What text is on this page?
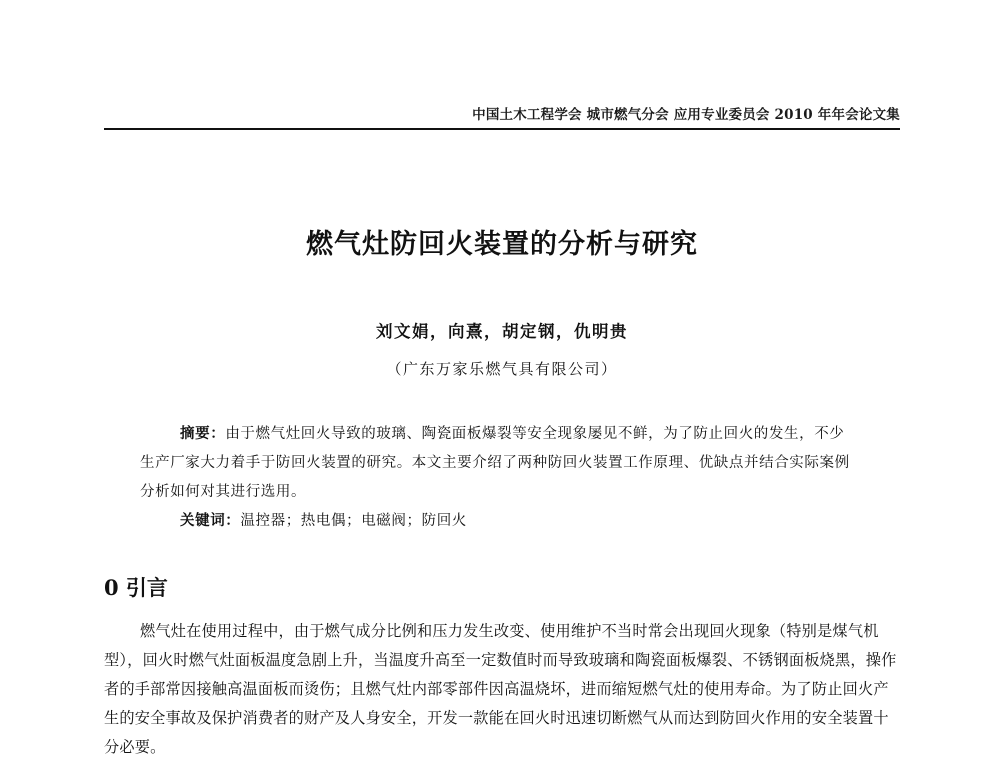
中国土木工程学会 城市燃气分会 应用专业委员会 2010 年年会论文集
燃气灶防回火装置的分析与研究
刘文娟，向熹，胡定钢，仇明贵
（广东万家乐燃气具有限公司）
摘要：由于燃气灶回火导致的玻璃、陶瓷面板爆裂等安全现象屡见不鲜，为了防止回火的发生，不少生产厂家大力着手于防回火装置的研究。本文主要介绍了两种防回火装置工作原理、优缺点并结合实际案例分析如何对其进行选用。
关键词：温控器；热电偶；电磁阀；防回火
0 引言
燃气灶在使用过程中，由于燃气成分比例和压力发生改变、使用维护不当时常会出现回火现象（特别是煤气机型），回火时燃气灶面板温度急剧上升，当温度升高至一定数值时而导致玻璃和陶瓷面板爆裂、不锈钢面板烧黑，操作者的手部常因接触高温面板而烫伤；且燃气灶内部零部件因高温烧坏，进而缩短燃气灶的使用寿命。为了防止回火产生的安全事故及保护消费者的财产及人身安全，开发一款能在回火时迅速切断燃气从而达到防回火作用的安全装置十分必要。
